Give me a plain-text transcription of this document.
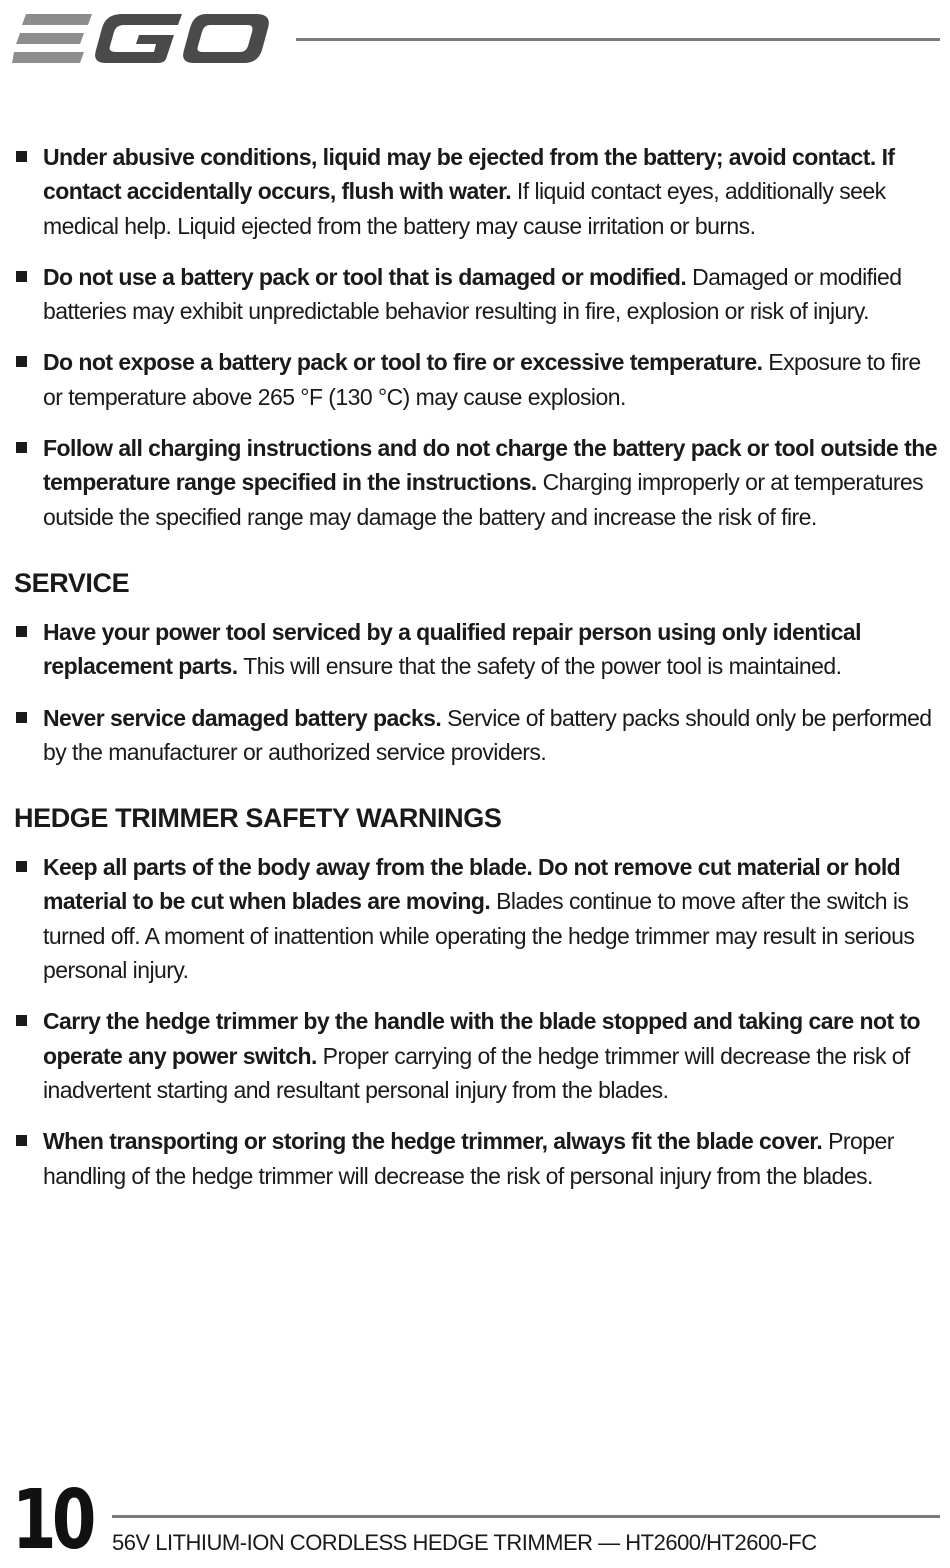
Under abusive conditions, liquid may be ejected from the battery; avoid contact. If contact accidentally occurs, flush with water. If liquid contact eyes, additionally seek medical help. Liquid ejected from the battery may cause irritation or burns.
Do not use a battery pack or tool that is damaged or modified. Damaged or modified batteries may exhibit unpredictable behavior resulting in fire, explosion or risk of injury.
Do not expose a battery pack or tool to fire or excessive temperature. Exposure to fire or temperature above 265 °F (130 °C) may cause explosion.
Follow all charging instructions and do not charge the battery pack or tool outside the temperature range specified in the instructions. Charging improperly or at temperatures outside the specified range may damage the battery and increase the risk of fire.
SERVICE
Have your power tool serviced by a qualified repair person using only identical replacement parts. This will ensure that the safety of the power tool is maintained.
Never service damaged battery packs. Service of battery packs should only be performed by the manufacturer or authorized service providers.
HEDGE TRIMMER SAFETY WARNINGS
Keep all parts of the body away from the blade. Do not remove cut material or hold material to be cut when blades are moving. Blades continue to move after the switch is turned off. A moment of inattention while operating the hedge trimmer may result in serious personal injury.
Carry the hedge trimmer by the handle with the blade stopped and taking care not to operate any power switch. Proper carrying of the hedge trimmer will decrease the risk of inadvertent starting and resultant personal injury from the blades.
When transporting or storing the hedge trimmer, always fit the blade cover. Proper handling of the hedge trimmer will decrease the risk of personal injury from the blades.
10 56V LITHIUM-ION CORDLESS HEDGE TRIMMER — HT2600/HT2600-FC
